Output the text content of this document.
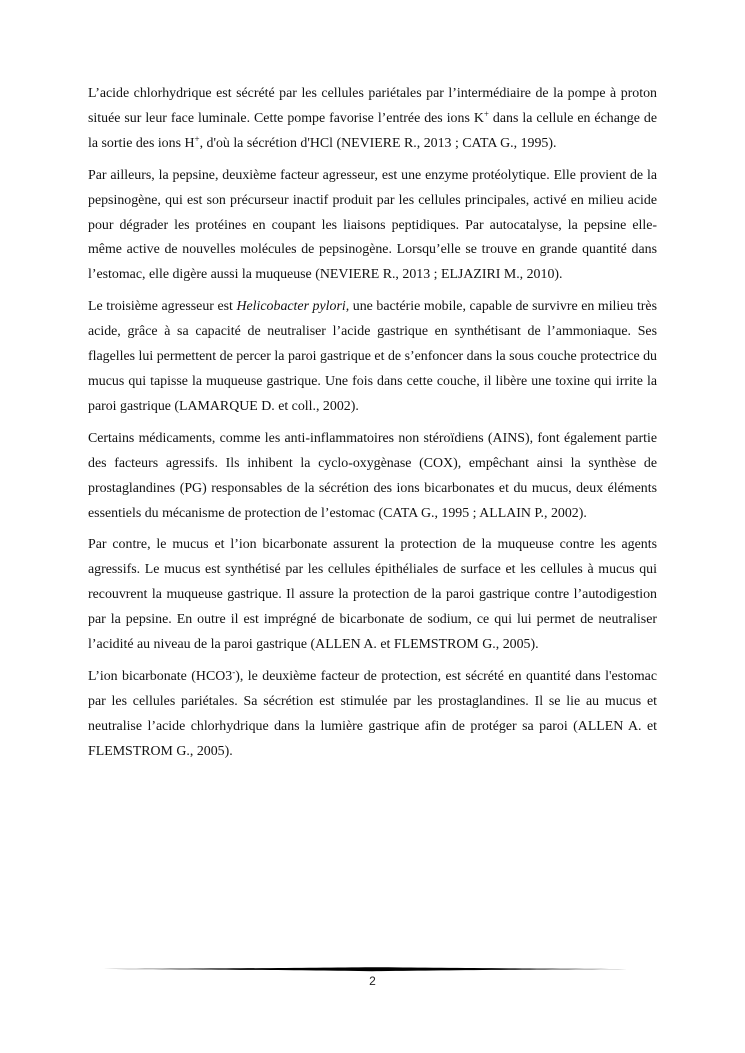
L’acide chlorhydrique est sécrété par les cellules pariétales par l’intermédiaire de la pompe à proton située sur leur face luminale. Cette pompe favorise l’entrée des ions K+ dans la cellule en échange de la sortie des ions H+, d'où la sécrétion d'HCl (NEVIERE R., 2013 ; CATA G., 1995).

Par ailleurs, la pepsine, deuxième facteur agresseur, est une enzyme protéolytique. Elle provient de la pepsinogène, qui est son précurseur inactif produit par les cellules principales, activé en milieu acide pour dégrader les protéines en coupant les liaisons peptidiques. Par autocatalyse, la pepsine elle-même active de nouvelles molécules de pepsinogène. Lorsqu’elle se trouve en grande quantité dans l’estomac, elle digère aussi la muqueuse (NEVIERE R., 2013 ; ELJAZIRI M., 2010).

Le troisième agresseur est Helicobacter pylori, une bactérie mobile, capable de survivre en milieu très acide, grâce à sa capacité de neutraliser l’acide gastrique en synthétisant de l’ammoniaque. Ses flagelles lui permettent de percer la paroi gastrique et de s’enfoncer dans la sous couche protectrice du mucus qui tapisse la muqueuse gastrique. Une fois dans cette couche, il libère une toxine qui irrite la paroi gastrique (LAMARQUE D. et coll., 2002).

Certains médicaments, comme les anti-inflammatoires non stéroïdiens (AINS), font également partie des facteurs agressifs. Ils inhibent la cyclo-oxygènase (COX), empêchant ainsi la synthèse de prostaglandines (PG) responsables de la sécrétion des ions bicarbonates et du mucus, deux éléments essentiels du mécanisme de protection de l’estomac (CATA G., 1995 ; ALLAIN P., 2002).

Par contre, le mucus et l’ion bicarbonate assurent la protection de la muqueuse contre les agents agressifs. Le mucus est synthétisé par les cellules épithéliales de surface et les cellules à mucus qui recouvrent la muqueuse gastrique. Il assure la protection de la paroi gastrique contre l’autodigestion par la pepsine. En outre il est imprégné de bicarbonate de sodium, ce qui lui permet de neutraliser l’acidité au niveau de la paroi gastrique (ALLEN A. et FLEMSTROM G., 2005).

L’ion bicarbonate (HCO3-), le deuxième facteur de protection, est sécrété en quantité dans l'estomac par les cellules pariétales. Sa sécrétion est stimulée par les prostaglandines. Il se lie au mucus et neutralise l’acide chlorhydrique dans la lumière gastrique afin de protéger sa paroi (ALLEN A. et FLEMSTROM G., 2005).

2
